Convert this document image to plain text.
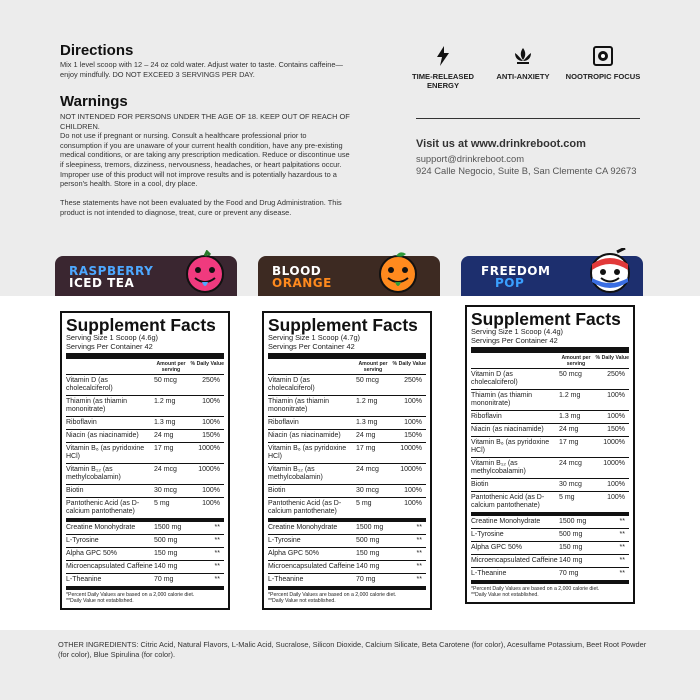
Directions
Mix 1 level scoop with 12 – 24 oz cold water. Adjust water to taste. Contains caffeine—enjoy mindfully. DO NOT EXCEED 3 SERVINGS PER DAY.
Warnings
NOT INTENDED FOR PERSONS UNDER THE AGE OF 18. KEEP OUT OF REACH OF CHILDREN.
Do not use if pregnant or nursing. Consult a healthcare professional prior to consumption if you are unaware of your current health condition, have any pre-existing medical conditions, or are taking any prescription medication. Reduce or discontinue use if sleepiness, tremors, dizziness, nervousness, headaches, or heart palpitations occur. Improper use of this product will not improve results and is potentially hazardous to a person's health. Store in a cool, dry place.

These statements have not been evaluated by the Food and Drug Administration. This product is not intended to diagnose, treat, cure or prevent any disease.
TIME-RELEASED ENERGY
ANTI-ANXIETY	NOOTROPIC FOCUS
Visit us at www.drinkreboot.com
support@drinkreboot.com
924 Calle Negocio, Suite B, San Clemente CA 92673
RASPBERRY
ICED TEA
BLOOD
ORANGE
FREEDOM
POP
Supplement Facts
Serving Size 1 Scoop (4.6g)
Servings Per Container 42
Amount per serving
% Daily Value
Vitamin D (as cholecalciferol)
50 mcg	250%
Thiamin (as thiamin mononitrate)
1.2 mg	100%
Riboflavin	1.3 mg	100%
Niacin (as niacinamide)	24 mg	150%
Vitamin B₆ (as pyridoxine HCl)
17 mg	1000%
Vitamin B₁₂ (as methylcobalamin)
24 mcg	1000%
Biotin	30 mcg	100%
Pantothenic Acid (as D-calcium pantothenate)
5 mg	100%
Creatine Monohydrate	1500 mg	**
L-Tyrosine	500 mg	**
Alpha GPC 50%	150 mg	**
Microencapsulated Caffeine 140 mg	**
L-Theanine	70 mg	**
*Percent Daily Values are based on a 2,000 calorie diet.
**Daily Value not established.
Supplement Facts
Serving Size 1 Scoop (4.7g)
Servings Per Container 42
Amount per serving
% Daily Value
Vitamin D (as cholecalciferol)
50 mcg	250%
Thiamin (as thiamin mononitrate)
1.2 mg	100%
Riboflavin	1.3 mg	100%
Niacin (as niacinamide)	24 mg	150%
Vitamin B₆ (as pyridoxine HCl)
17 mg	1000%
Vitamin B₁₂ (as methylcobalamin)
24 mcg	1000%
Biotin	30 mcg	100%
Pantothenic Acid (as D-calcium pantothenate)
5 mg	100%
Creatine Monohydrate	1500 mg	**
L-Tyrosine	500 mg	**
Alpha GPC 50%	150 mg	**
Microencapsulated Caffeine 140 mg	**
L-Theanine	70 mg	**
*Percent Daily Values are based on a 2,000 calorie diet.
**Daily Value not established.
Supplement Facts
Serving Size 1 Scoop (4.4g)
Servings Per Container 42
Amount per serving
% Daily Value
Vitamin D (as cholecalciferol)
50 mcg	250%
Thiamin (as thiamin mononitrate)
1.2 mg	100%
Riboflavin	1.3 mg	100%
Niacin (as niacinamide)	24 mg	150%
Vitamin B₆ (as pyridoxine HCl)
17 mg	1000%
Vitamin B₁₂ (as methylcobalamin)
24 mcg	1000%
Biotin	30 mcg	100%
Pantothenic Acid (as D-calcium pantothenate)
5 mg	100%
Creatine Monohydrate	1500 mg	**
L-Tyrosine	500 mg	**
Alpha GPC 50%	150 mg	**
Microencapsulated Caffeine 140 mg	**
L-Theanine	70 mg	**
*Percent Daily Values are based on a 2,000 calorie diet.
**Daily Value not established.
OTHER INGREDIENTS: Citric Acid, Natural Flavors, L-Malic Acid, Sucralose, Silicon Dioxide, Calcium Silicate, Beta Carotene (for color), Acesulfame Potassium, Beet Root Powder (for color), Blue Spirulina (for color).
